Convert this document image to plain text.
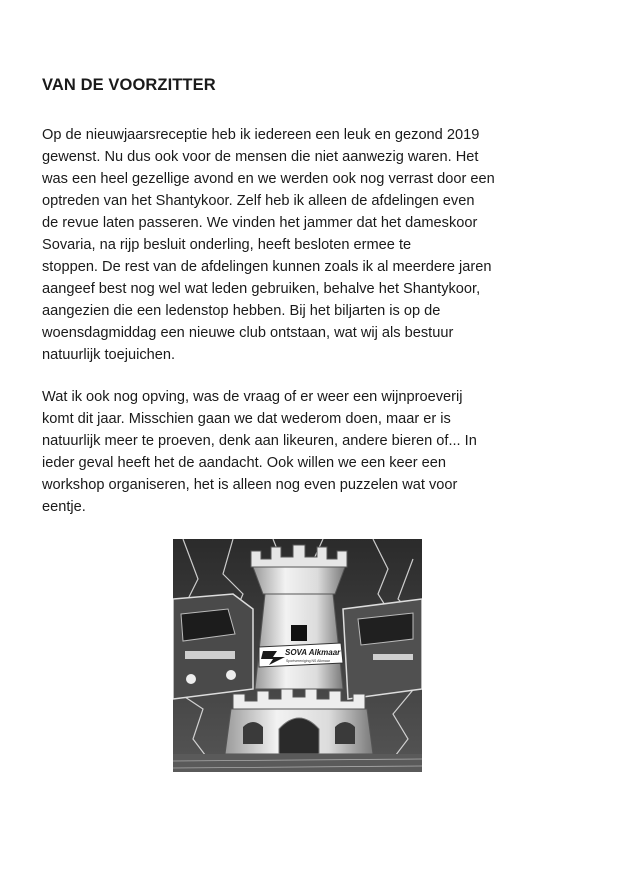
VAN DE VOORZITTER

Op de nieuwjaarsreceptie heb ik iedereen een leuk en gezond 2019
gewenst. Nu dus ook voor de mensen die niet aanwezig waren. Het
was een heel gezellige avond en we werden ook nog verrast door een
optreden van het Shantykoor. Zelf heb ik alleen de afdelingen even
de revue laten passeren. We vinden het jammer dat het dameskoor
Sovaria, na rijp besluit onderling, heeft besloten ermee te
stoppen. De rest van de afdelingen kunnen zoals ik al meerdere jaren
aangeef best nog wel wat leden gebruiken, behalve het Shantykoor,
aangezien die een ledenstop hebben. Bij het biljarten is op de
woensdagmiddag een nieuwe club ontstaan, wat wij als bestuur
natuurlijk toejuichen.

Wat ik ook nog opving, was de vraag of er weer een wijnproeverij
komt dit jaar. Misschien gaan we dat wederom doen, maar er is
natuurlijk meer te proeven, denk aan likeuren, andere bieren of... In
ieder geval heeft het de aandacht. Ook willen we een keer een
workshop organiseren, het is alleen nog even puzzelen wat voor
eentje.

SOVA Alkmaar
Sportvereniging NS Alkmaar
